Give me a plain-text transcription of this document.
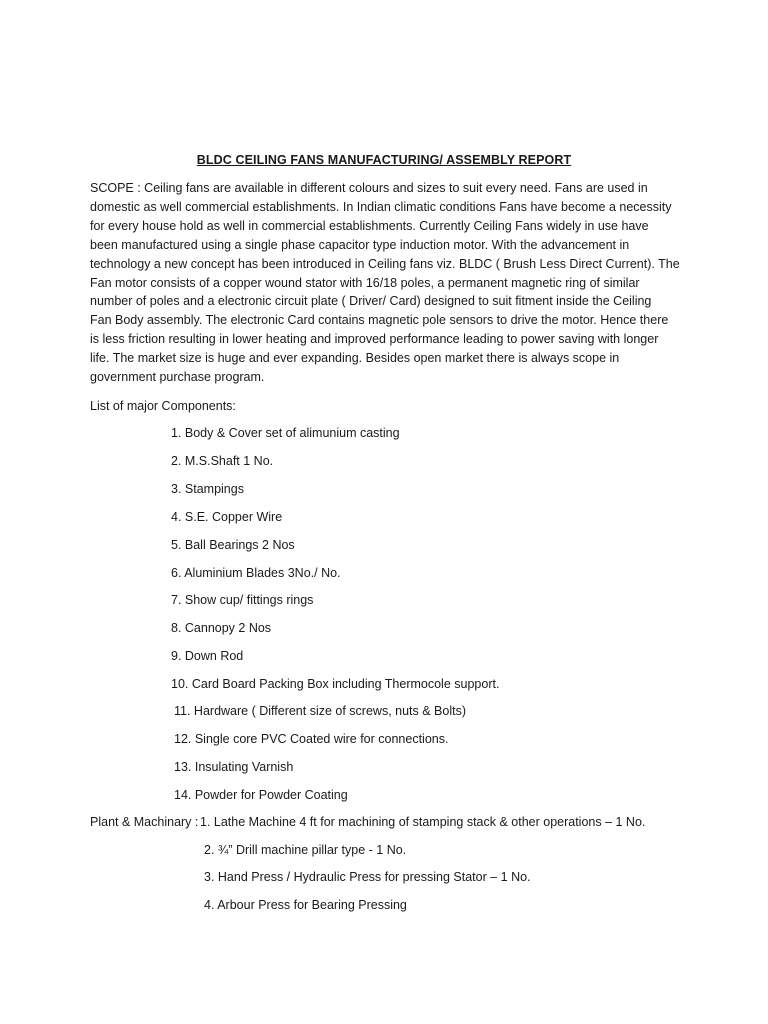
BLDC CEILING FANS MANUFACTURING/ ASSEMBLY REPORT
SCOPE : Ceiling fans are available in different colours and sizes to suit every need. Fans are used in
domestic as well commercial establishments. In Indian climatic conditions Fans have become a necessity
for every house hold as well in commercial establishments. Currently Ceiling Fans widely in use have
been manufactured using a single phase capacitor type induction motor. With the advancement in
technology a new concept has been introduced in Ceiling fans viz. BLDC ( Brush Less Direct Current). The
Fan motor consists of a copper wound stator with 16/18 poles, a permanent magnetic ring of similar
number of poles and a electronic circuit plate ( Driver/ Card) designed to suit fitment inside the Ceiling
Fan Body assembly. The electronic Card contains magnetic pole sensors to drive the motor. Hence there
is less friction resulting in lower heating and improved performance leading to power saving with longer
life. The market size is huge and ever expanding. Besides open market there is always scope in
government purchase program.
List of major Components:
1. Body & Cover set of alimunium casting
2. M.S.Shaft 1 No.
3. Stampings
4. S.E. Copper Wire
5. Ball Bearings 2 Nos
6. Aluminium Blades 3No./ No.
7. Show cup/ fittings rings
8. Cannopy 2 Nos
9. Down Rod
10. Card Board Packing Box including Thermocole support.
11. Hardware ( Different size of screws, nuts & Bolts)
12. Single core PVC Coated wire for connections.
13. Insulating Varnish
14. Powder for Powder Coating
Plant & Machinary : 1. Lathe Machine 4 ft for machining of stamping stack & other operations – 1 No.
2. ¾” Drill machine pillar type - 1 No.
3. Hand Press / Hydraulic Press for pressing Stator – 1 No.
4. Arbour Press for Bearing Pressing
